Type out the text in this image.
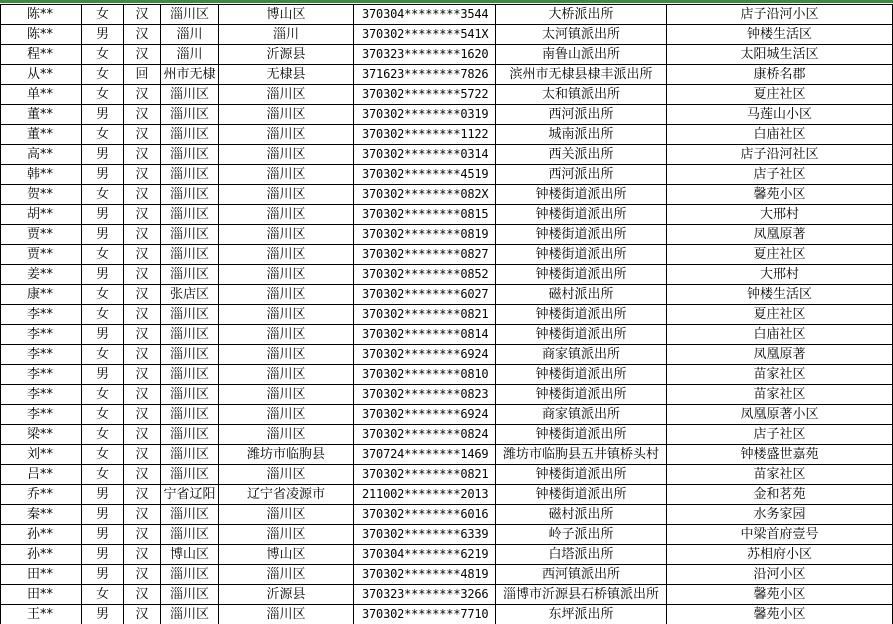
陈**	女	汉	淄川区	博山区	370304********3544	大桥派出所	店子沿河小区
陈**	男	汉	淄川	淄川	370302********541X	太河镇派出所	钟楼生活区
程**	女	汉	淄川	沂源县	370323********1620	南鲁山派出所	太阳城生活区
从**	女	回	州市无棣	无棣县	371623********7826	滨州市无棣县棣丰派出所	康桥名郡
单**	女	汉	淄川区	淄川区	370302********5722	太和镇派出所	夏庄社区
董**	男	汉	淄川区	淄川区	370302********0319	西河派出所	马莲山小区
董**	女	汉	淄川区	淄川区	370302********1122	城南派出所	白庙社区
高**	男	汉	淄川区	淄川区	370302********0314	西关派出所	店子沿河社区
韩**	男	汉	淄川区	淄川区	370302********4519	西河派出所	店子社区
贺**	女	汉	淄川区	淄川区	370302********082X	钟楼街道派出所	馨苑小区
胡**	男	汉	淄川区	淄川区	370302********0815	钟楼街道派出所	大邢村
贾**	男	汉	淄川区	淄川区	370302********0819	钟楼街道派出所	凤凰原著
贾**	女	汉	淄川区	淄川区	370302********0827	钟楼街道派出所	夏庄社区
姜**	男	汉	淄川区	淄川区	370302********0852	钟楼街道派出所	大邢村
康**	女	汉	张店区	淄川区	370302********6027	磁村派出所	钟楼生活区
李**	女	汉	淄川区	淄川区	370302********0821	钟楼街道派出所	夏庄社区
李**	男	汉	淄川区	淄川区	370302********0814	钟楼街道派出所	白庙社区
李**	女	汉	淄川区	淄川区	370302********6924	商家镇派出所	凤凰原著
李**	男	汉	淄川区	淄川区	370302********0810	钟楼街道派出所	苗家社区
李**	女	汉	淄川区	淄川区	370302********0823	钟楼街道派出所	苗家社区
李**	女	汉	淄川区	淄川区	370302********6924	商家镇派出所	凤凰原著小区
梁**	女	汉	淄川区	淄川区	370302********0824	钟楼街道派出所	店子社区
刘**	女	汉	淄川区	潍坊市临朐县	370724********1469	潍坊市临朐县五井镇桥头村	钟楼盛世嘉苑
吕**	女	汉	淄川区	淄川区	370302********0821	钟楼街道派出所	苗家社区
乔**	男	汉	宁省辽阳	辽宁省凌源市	211002********2013	钟楼街道派出所	金和茗苑
秦**	男	汉	淄川区	淄川区	370302********6016	磁村派出所	水务家园
孙**	男	汉	淄川区	淄川区	370302********6339	岭子派出所	中梁首府壹号
孙**	男	汉	博山区	博山区	370304********6219	白塔派出所	苏相府小区
田**	男	汉	淄川区	淄川区	370302********4819	西河镇派出所	沿河小区
田**	女	汉	淄川区	沂源县	370323********3266	淄博市沂源县石桥镇派出所	馨苑小区
王**	男	汉	淄川区	淄川区	370302********7710	东坪派出所	馨苑小区
